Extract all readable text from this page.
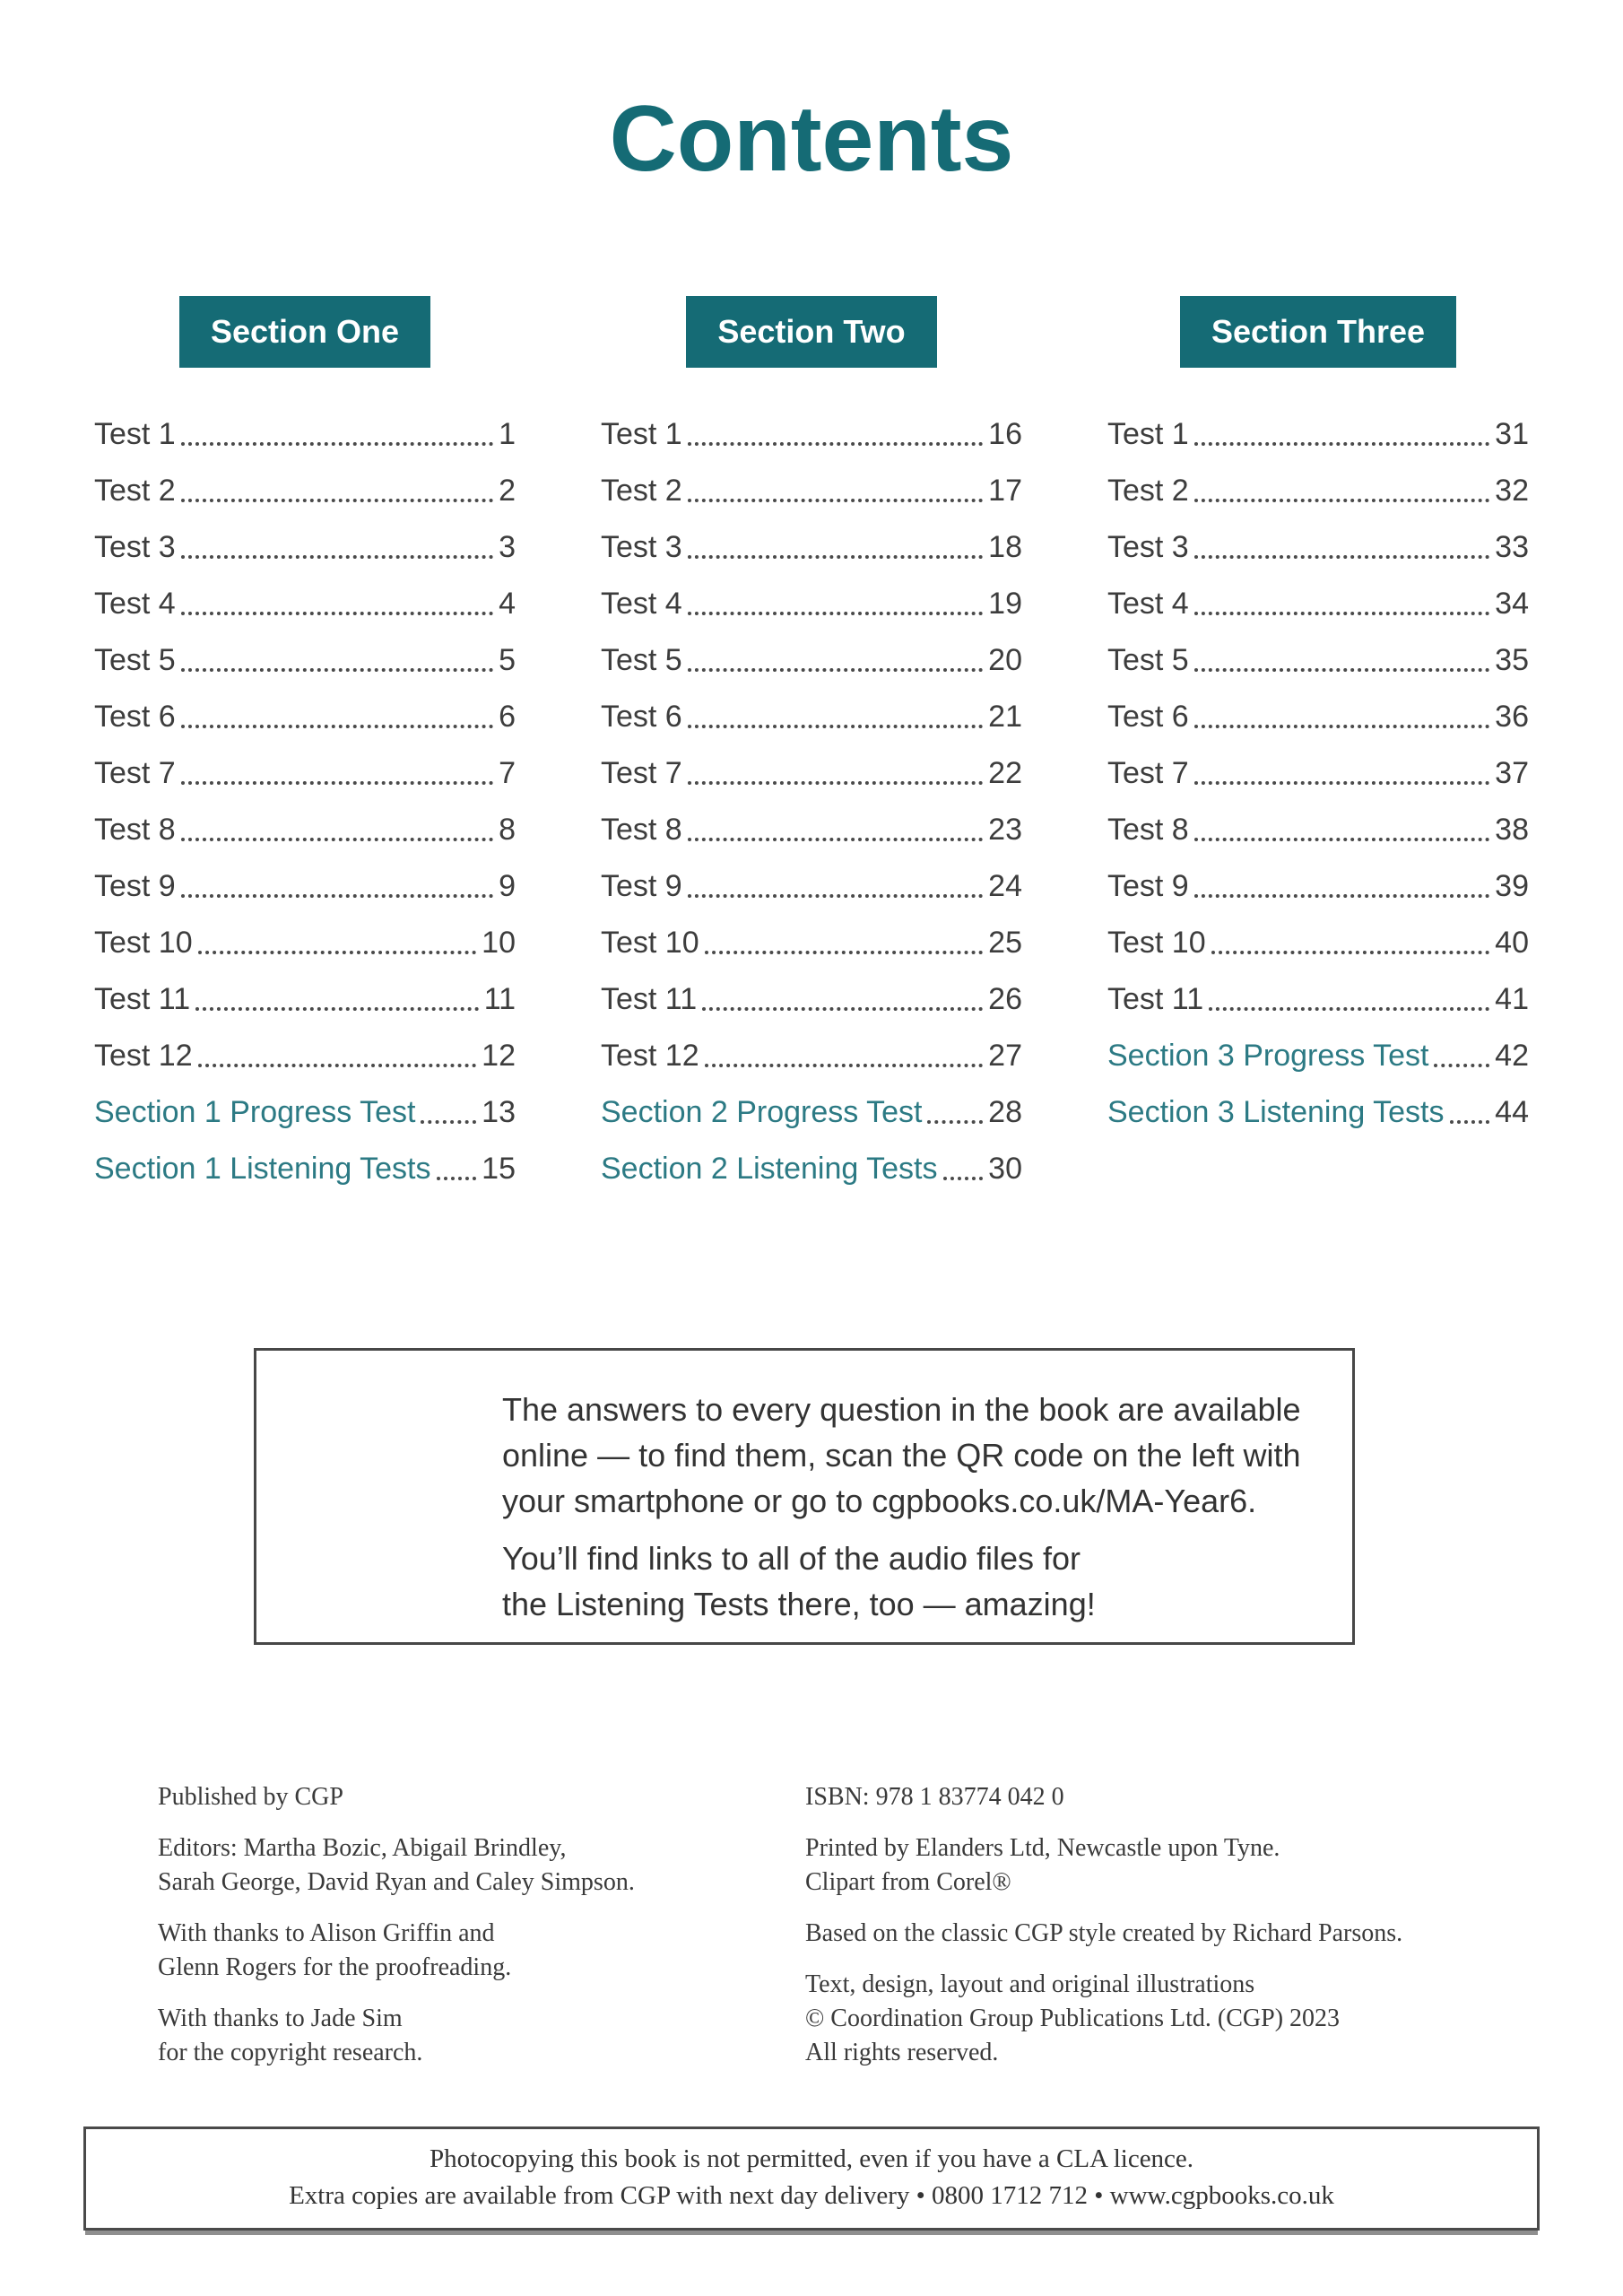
Contents
Section One
Test 1	1
Test 2	2
Test 3	3
Test 4	4
Test 5	5
Test 6	6
Test 7	7
Test 8	8
Test 9	9
Test 10	10
Test 11	11
Test 12	12
Section 1 Progress Test 13
Section 1 Listening Tests 15
Section Two
Test 1	16
Test 2	17
Test 3	18
Test 4	19
Test 5	20
Test 6	21
Test 7	22
Test 8	23
Test 9	24
Test 10	25
Test 11	26
Test 12	27
Section 2 Progress Test 28
Section 2 Listening Tests 30
Section Three
Test 1	31
Test 2	32
Test 3	33
Test 4	34
Test 5	35
Test 6	36
Test 7	37
Test 8	38
Test 9	39
Test 10	40
Test 11	41
Section 3 Progress Test 42
Section 3 Listening Tests 44
The answers to every question in the book are available
online — to find them, scan the QR code on the left with
your smartphone or go to cgpbooks.co.uk/MA-Year6.
You’ll find links to all of the audio files for
the Listening Tests there, too — amazing!
Published by CGP
Editors: Martha Bozic, Abigail Brindley,
Sarah George, David Ryan and Caley Simpson.
With thanks to Alison Griffin and
Glenn Rogers for the proofreading.
With thanks to Jade Sim
for the copyright research.
ISBN: 978 1 83774 042 0
Printed by Elanders Ltd, Newcastle upon Tyne.
Clipart from Corel®
Based on the classic CGP style created by Richard Parsons.
Text, design, layout and original illustrations
© Coordination Group Publications Ltd. (CGP) 2023
All rights reserved.
Photocopying this book is not permitted, even if you have a CLA licence.
Extra copies are available from CGP with next day delivery • 0800 1712 712 • www.cgpbooks.co.uk
